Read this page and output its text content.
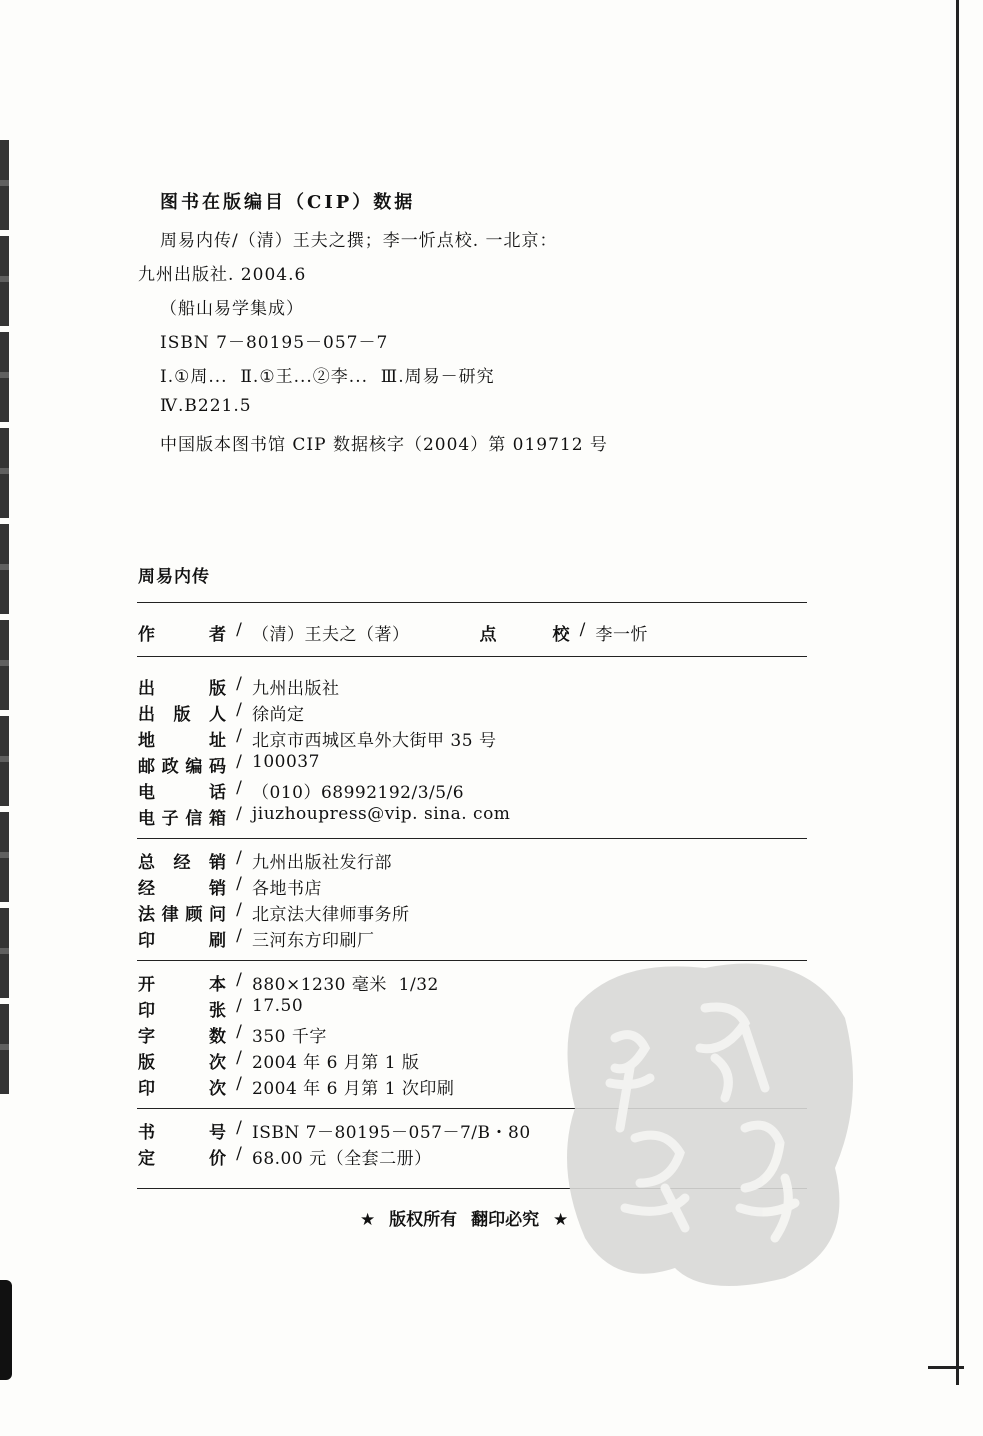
图书在版编目（CIP）数据
周易内传/（清）王夫之撰；李一忻点校. 一北京：
九州出版社. 2004.6
（船山易学集成）
ISBN 7－80195－057－7
Ⅰ.①周...  Ⅱ.①王...②李...  Ⅲ.周易－研究
Ⅳ.B221.5
中国版本图书馆 CIP 数据核字（2004）第 019712 号
周易内传
作	者 / （清）王夫之（著）	点	校 / 李一忻
出	版 / 九州出版社
出 版 人 / 徐尚定
地	址 / 北京市西城区阜外大街甲 35 号
邮 政 编 码 / 100037
电	话 / （010）68992192/3/5/6
电 子 信 箱 / jiuzhoupress@vip. sina. com
总 经 销 / 九州出版社发行部
经	销 / 各地书店
法 律 顾 问 / 北京法大律师事务所
印	刷 / 三河东方印刷厂
开	本 / 880×1230 毫米  1/32
印	张 / 17.50
字	数 / 350 千字
版	次 / 2004 年 6 月第 1 版
印	次 / 2004 年 6 月第 1 次印刷
书	号 / ISBN 7－80195－057－7/B・80
定	价 / 68.00 元（全套二册）
★ 版权所有 翻印必究 ★
龍學院籍
